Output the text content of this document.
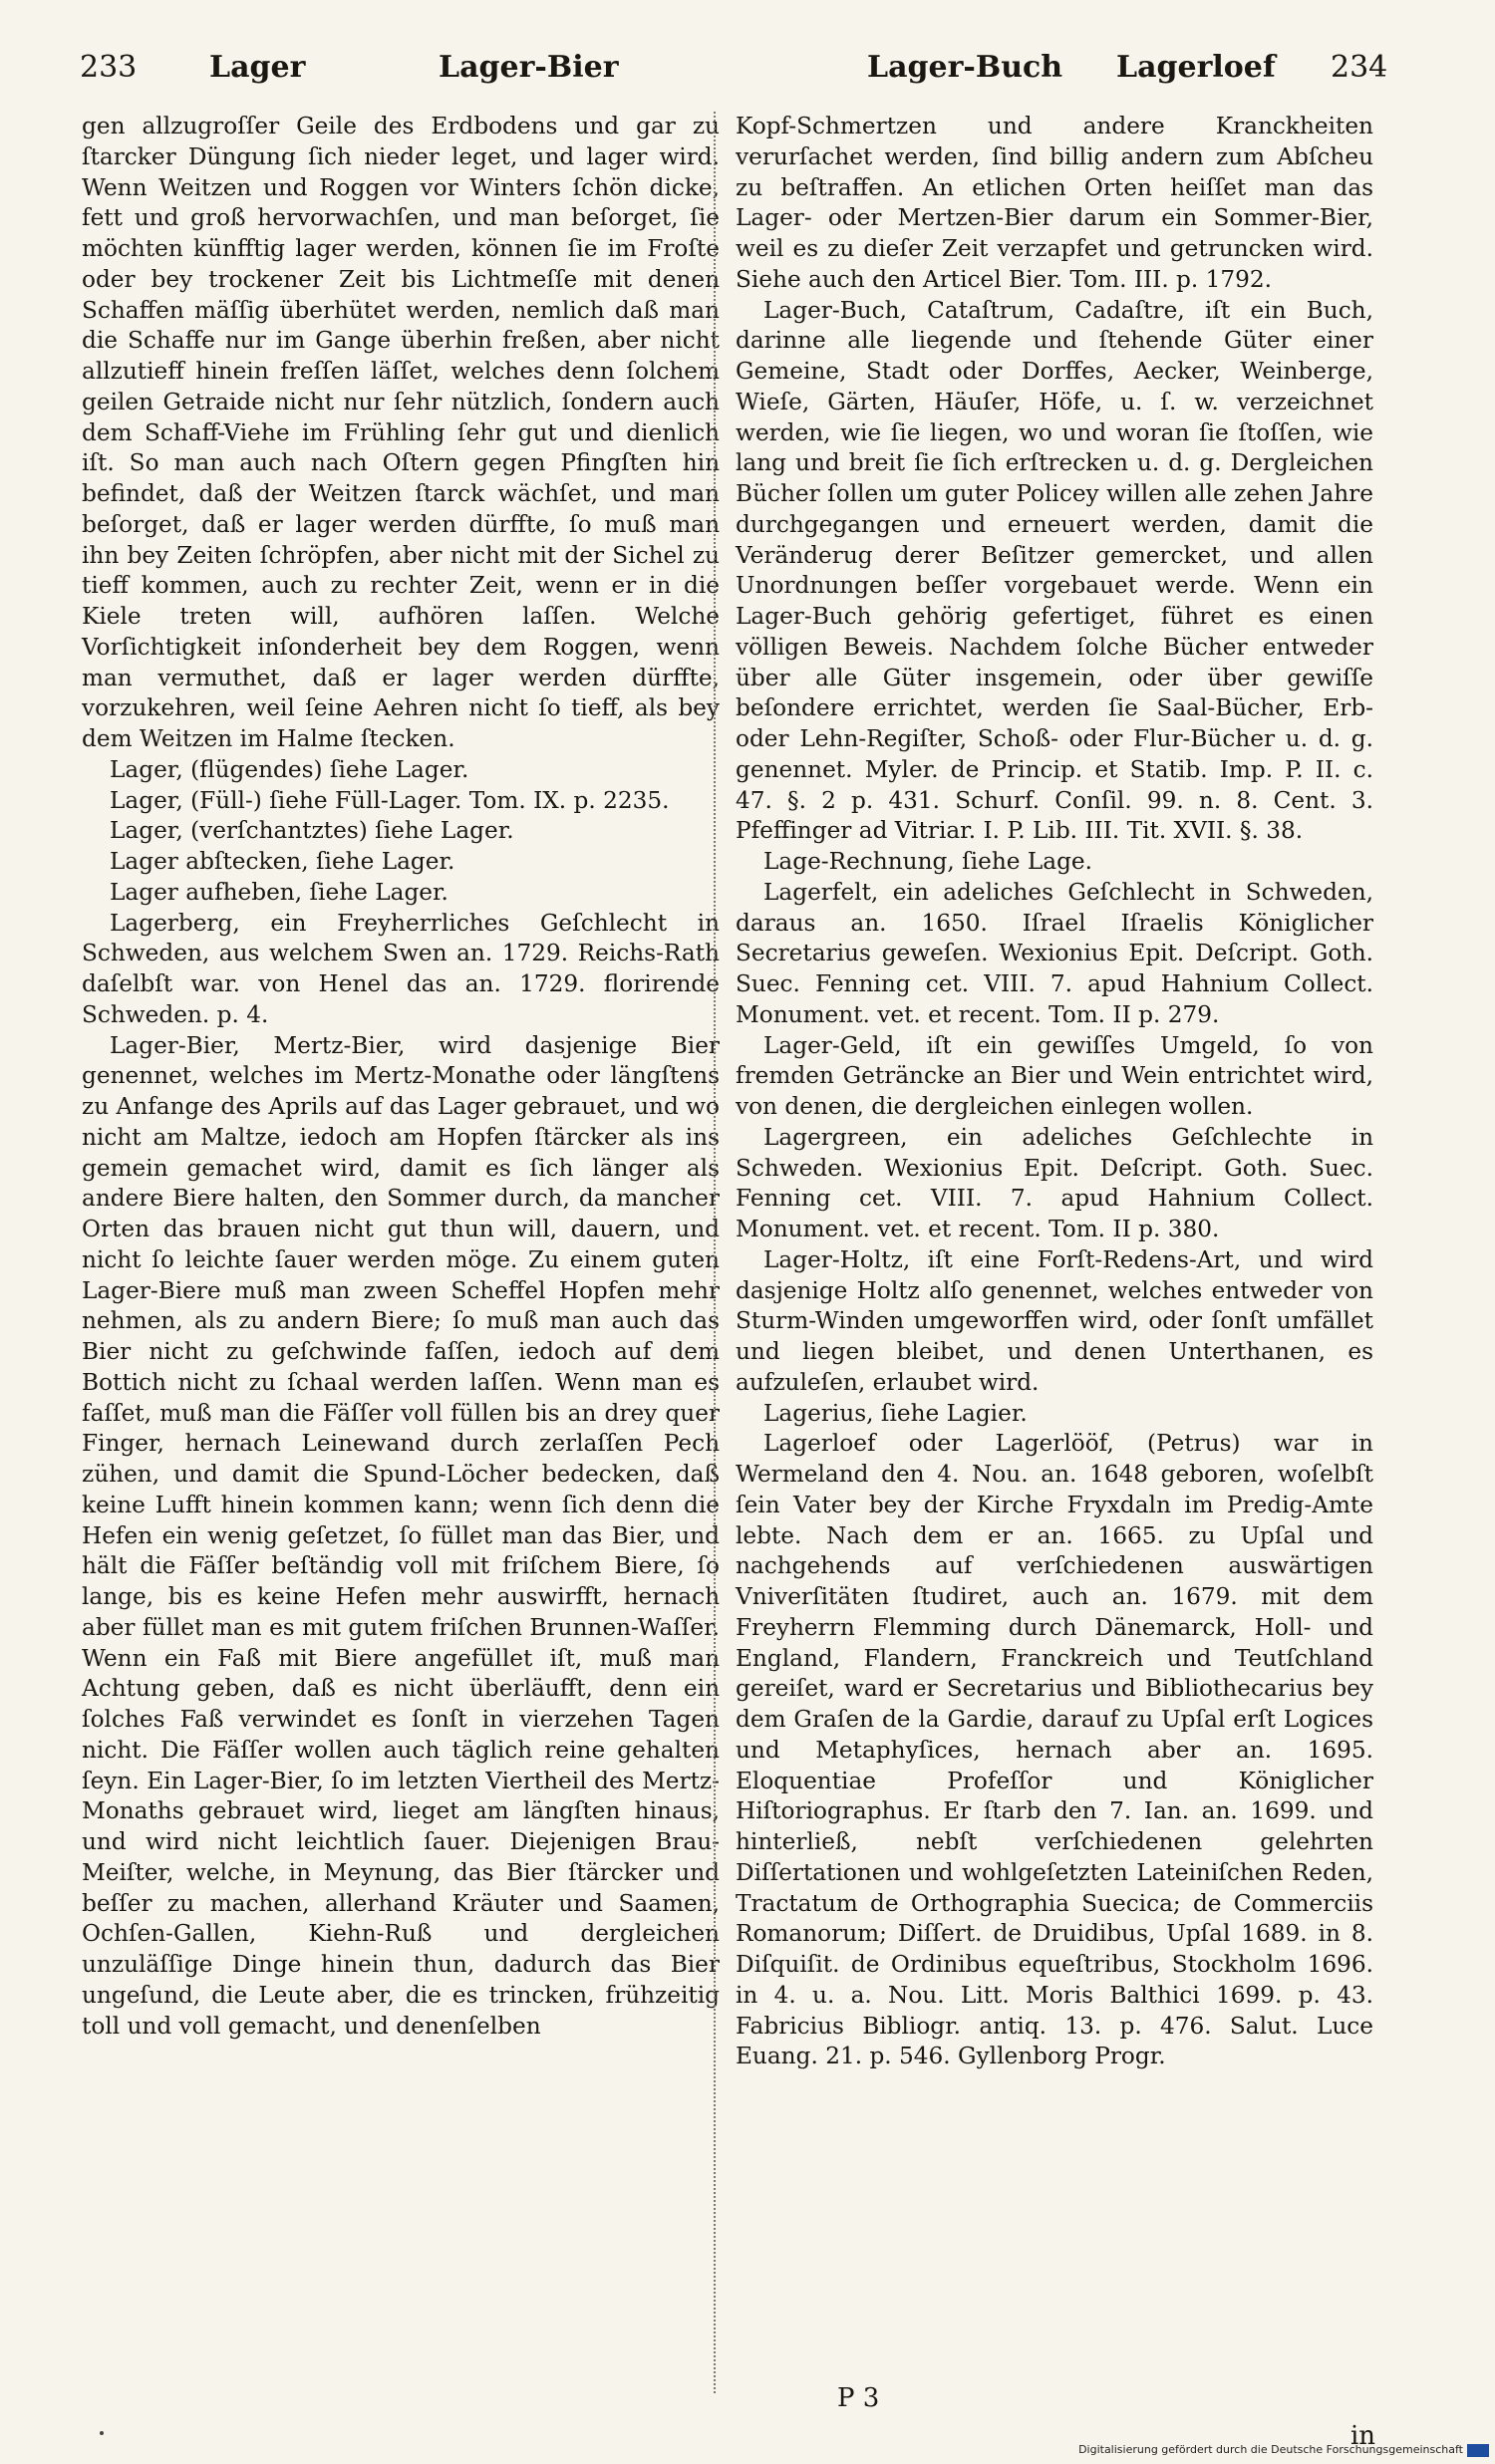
233 Lager	Lager-Bier	Lager-Buch Lagerloef 234

gen allzugroſſer Geile des Erdbodens und gar zu ſtarcker Düngung ſich nieder leget, und lager wird. Wenn Weitzen und Roggen vor Winters ſchön dicke, fett und groß hervorwachſen, und man beſorget, ſie möchten künfftig lager werden, können ſie im Froſte oder bey trockener Zeit bis Lichtmeſſe mit denen Schaffen mäſſig überhütet werden, nemlich daß man die Schaffe nur im Gange überhin freßen, aber nicht allzutieff hinein freſſen läſſet, welches denn ſolchem geilen Getraide nicht nur ſehr nützlich, ſondern auch dem Schaff-Viehe im Frühling ſehr gut und dienlich iſt. So man auch nach Oſtern gegen Pfingſten hin befindet, daß der Weitzen ſtarck wächſet, und man beſorget, daß er lager werden dürffte, ſo muß man ihn bey Zeiten ſchröpfen, aber nicht mit der Sichel zu tieff kommen, auch zu rechter Zeit, wenn er in die Kiele treten will, aufhören laſſen. Welche Vorſichtigkeit inſonderheit bey dem Roggen, wenn man vermuthet, daß er lager werden dürffte, vorzukehren, weil ſeine Aehren nicht ſo tieff, als bey dem Weitzen im Halme ſtecken.

Lager, (flügendes) ſiehe Lager.

Lager, (Füll-) ſiehe Füll-Lager. Tom. IX. p. 2235.

Lager, (verſchantztes) ſiehe Lager.

Lager abſtecken, ſiehe Lager.

Lager aufheben, ſiehe Lager.

Lagerberg, ein Freyherrliches Geſchlecht in Schweden, aus welchem Swen an. 1729. Reichs-Rath daſelbſt war. von Henel das an. 1729. florirende Schweden. p. 4.

Lager-Bier, Mertz-Bier, wird dasjenige Bier genennet, welches im Mertz-Monathe oder längſtens zu Anfange des Aprils auf das Lager gebrauet, und wo nicht am Maltze, iedoch am Hopfen ſtärcker als ins gemein gemachet wird, damit es ſich länger als andere Biere halten, den Sommer durch, da mancher Orten das brauen nicht gut thun will, dauern, und nicht ſo leichte ſauer werden möge. Zu einem guten Lager-Biere muß man zween Scheffel Hopfen mehr nehmen, als zu andern Biere; ſo muß man auch das Bier nicht zu geſchwinde faſſen, iedoch auf dem Bottich nicht zu ſchaal werden laſſen. Wenn man es faſſet, muß man die Fäſſer voll füllen bis an drey quer Finger, hernach Leinewand durch zerlaſſen Pech zühen, und damit die Spund-Löcher bedecken, daß keine Lufft hinein kommen kann; wenn ſich denn die Hefen ein wenig geſetzet, ſo füllet man das Bier, und hält die Fäſſer beſtändig voll mit friſchem Biere, ſo lange, bis es keine Hefen mehr auswirfft, hernach aber füllet man es mit gutem friſchen Brunnen-Waſſer. Wenn ein Faß mit Biere angefüllet iſt, muß man Achtung geben, daß es nicht überläufft, denn ein ſolches Faß verwindet es ſonſt in vierzehen Tagen nicht. Die Fäſſer wollen auch täglich reine gehalten ſeyn. Ein Lager-Bier, ſo im letzten Viertheil des Mertz-Monaths gebrauet wird, lieget am längſten hinaus, und wird nicht leichtlich ſauer. Diejenigen Brau-Meiſter, welche, in Meynung, das Bier ſtärcker und beſſer zu machen, allerhand Kräuter und Saamen, Ochſen-Gallen, Kiehn-Ruß und dergleichen unzuläſſige Dinge hinein thun, dadurch das Bier ungeſund, die Leute aber, die es trincken, frühzeitig toll und voll gemacht, und denenſelben

Kopf-Schmertzen und andere Kranckheiten verurſachet werden, ſind billig andern zum Abſcheu zu beſtraffen. An etlichen Orten heiſſet man das Lager- oder Mertzen-Bier darum ein Sommer-Bier, weil es zu dieſer Zeit verzapfet und getruncken wird. Siehe auch den Articel Bier. Tom. III. p. 1792.

Lager-Buch, Cataſtrum, Cadaſtre, iſt ein Buch, darinne alle liegende und ſtehende Güter einer Gemeine, Stadt oder Dorffes, Aecker, Weinberge, Wieſe, Gärten, Häuſer, Höfe, u. ſ. w. verzeichnet werden, wie ſie liegen, wo und woran ſie ſtoſſen, wie lang und breit ſie ſich erſtrecken u. d. g. Dergleichen Bücher ſollen um guter Policey willen alle zehen Jahre durchgegangen und erneuert werden, damit die Veränderug derer Beſitzer gemercket, und allen Unordnungen beſſer vorgebauet werde. Wenn ein Lager-Buch gehörig gefertiget, führet es einen völligen Beweis. Nachdem ſolche Bücher entweder über alle Güter insgemein, oder über gewiſſe beſondere errichtet, werden ſie Saal-Bücher, Erb- oder Lehn-Regiſter, Schoß- oder Flur-Bücher u. d. g. genennet. Myler. de Princip. et Statib. Imp. P. II. c. 47. §. 2 p. 431. Schurf. Conſil. 99. n. 8. Cent. 3. Pfeffinger ad Vitriar. I. P. Lib. III. Tit. XVII. §. 38.

Lage-Rechnung, ſiehe Lage.

Lagerfelt, ein adeliches Geſchlecht in Schweden, daraus an. 1650. Iſrael Iſraelis Königlicher Secretarius geweſen. Wexionius Epit. Deſcript. Goth. Suec. Fenning cet. VIII. 7. apud Hahnium Collect. Monument. vet. et recent. Tom. II p. 279.

Lager-Geld, iſt ein gewiſſes Umgeld, ſo von fremden Geträncke an Bier und Wein entrichtet wird, von denen, die dergleichen einlegen wollen.

Lagergreen, ein adeliches Geſchlechte in Schweden. Wexionius Epit. Deſcript. Goth. Suec. Fenning cet. VIII. 7. apud Hahnium Collect. Monument. vet. et recent. Tom. II p. 380.

Lager-Holtz, iſt eine Forſt-Redens-Art, und wird dasjenige Holtz alſo genennet, welches entweder von Sturm-Winden umgeworffen wird, oder ſonſt umfället und liegen bleibet, und denen Unterthanen, es aufzuleſen, erlaubet wird.

Lagerius, ſiehe Lagier.

Lagerloef oder Lagerlööf, (Petrus) war in Wermeland den 4. Nou. an. 1648 geboren, woſelbſt ſein Vater bey der Kirche Fryxdaln im Predig-Amte lebte. Nach dem er an. 1665. zu Upſal und nachgehends auf verſchiedenen auswärtigen Vniverſitäten ſtudiret, auch an. 1679. mit dem Freyherrn Flemming durch Dänemarck, Holl- und England, Flandern, Franckreich und Teutſchland gereiſet, ward er Secretarius und Bibliothecarius bey dem Graſen de la Gardie, darauf zu Upſal erſt Logices und Metaphyſices, hernach aber an. 1695. Eloquentiae Profeſſor und Königlicher Hiſtoriographus. Er ſtarb den 7. Ian. an. 1699. und hinterließ, nebſt verſchiedenen gelehrten Diſſertationen und wohlgeſetzten Lateiniſchen Reden, Tractatum de Orthographia Suecica; de Commerciis Romanorum; Diſſert. de Druidibus, Upſal 1689. in 8. Diſquiſit. de Ordinibus equeſtribus, Stockholm 1696. in 4. u. a. Nou. Litt. Moris Balthici 1699. p. 43. Fabricius Bibliogr. antiq. 13. p. 476. Salut. Luce Euang. 21. p. 546. Gyllenborg Progr.

P 3
in
Digitalisierung gefördert durch die Deutsche Forschungsgemeinschaft
